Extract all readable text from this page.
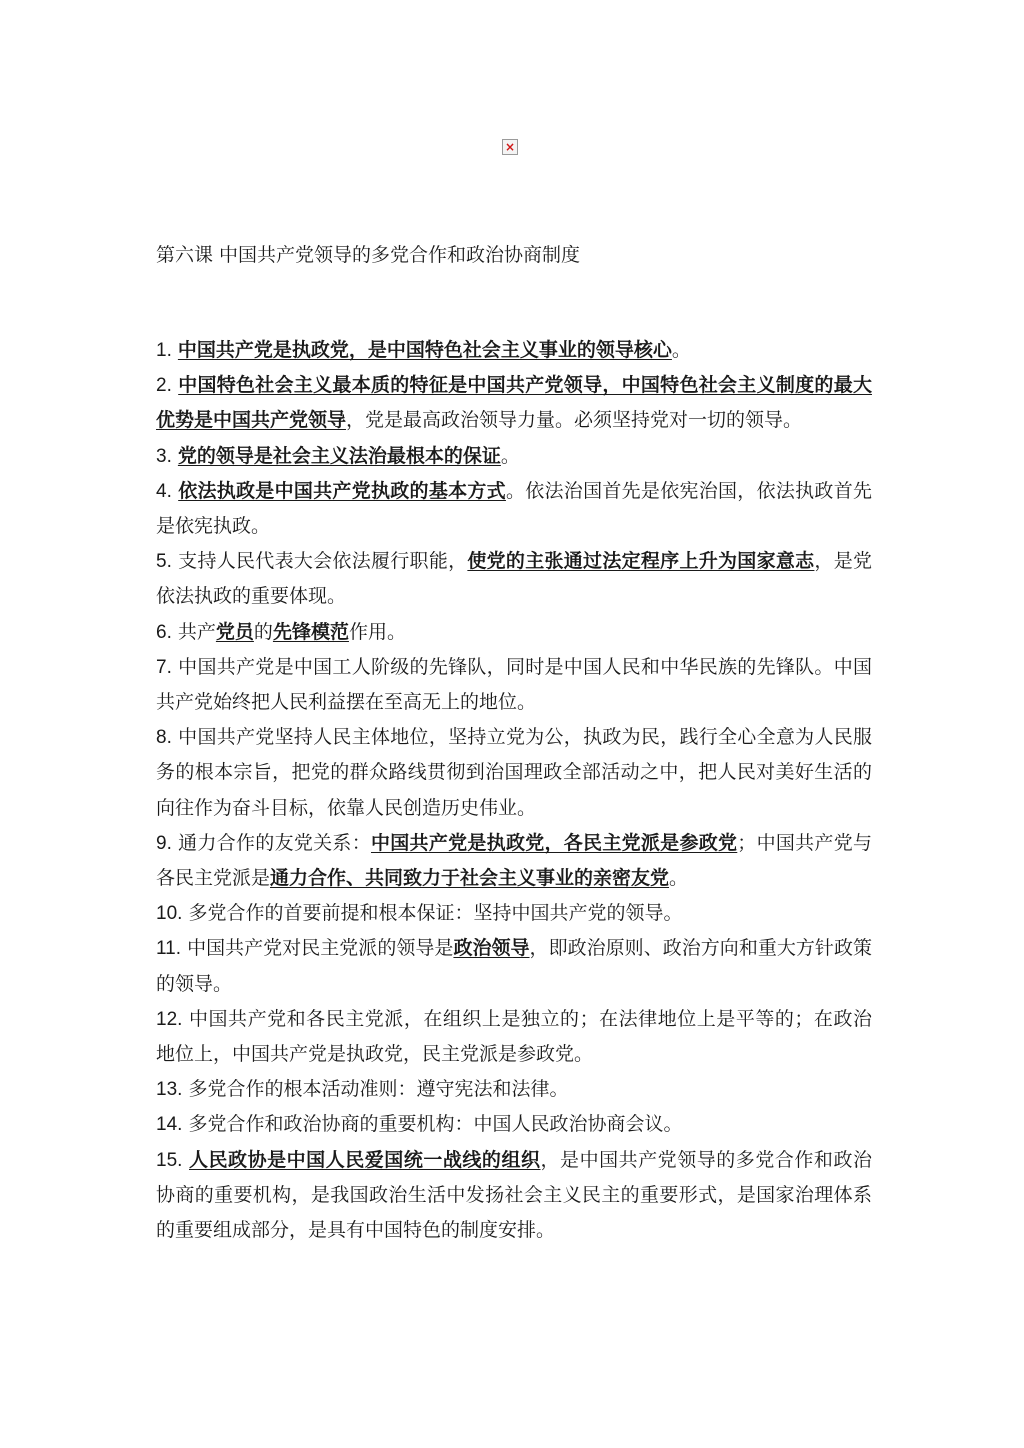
×
第六课 中国共产党领导的多党合作和政治协商制度

1. 中国共产党是执政党，是中国特色社会主义事业的领导核心。

2. 中国特色社会主义最本质的特征是中国共产党领导，中国特色社会主义制度的最大优势是中国共产党领导，党是最高政治领导力量。必须坚持党对一切的领导。

3. 党的领导是社会主义法治最根本的保证。

4. 依法执政是中国共产党执政的基本方式。依法治国首先是依宪治国，依法执政首先是依宪执政。

5. 支持人民代表大会依法履行职能，使党的主张通过法定程序上升为国家意志，是党依法执政的重要体现。

6. 共产党员的先锋模范作用。

7. 中国共产党是中国工人阶级的先锋队，同时是中国人民和中华民族的先锋队。中国共产党始终把人民利益摆在至高无上的地位。

8. 中国共产党坚持人民主体地位，坚持立党为公，执政为民，践行全心全意为人民服务的根本宗旨，把党的群众路线贯彻到治国理政全部活动之中，把人民对美好生活的向往作为奋斗目标，依靠人民创造历史伟业。

9. 通力合作的友党关系：中国共产党是执政党，各民主党派是参政党；中国共产党与各民主党派是通力合作、共同致力于社会主义事业的亲密友党。

10. 多党合作的首要前提和根本保证：坚持中国共产党的领导。

11. 中国共产党对民主党派的领导是政治领导，即政治原则、政治方向和重大方针政策的领导。

12. 中国共产党和各民主党派，在组织上是独立的；在法律地位上是平等的；在政治地位上，中国共产党是执政党，民主党派是参政党。

13. 多党合作的根本活动准则：遵守宪法和法律。

14. 多党合作和政治协商的重要机构：中国人民政治协商会议。

15. 人民政协是中国人民爱国统一战线的组织，是中国共产党领导的多党合作和政治协商的重要机构，是我国政治生活中发扬社会主义民主的重要形式，是国家治理体系的重要组成部分，是具有中国特色的制度安排。
